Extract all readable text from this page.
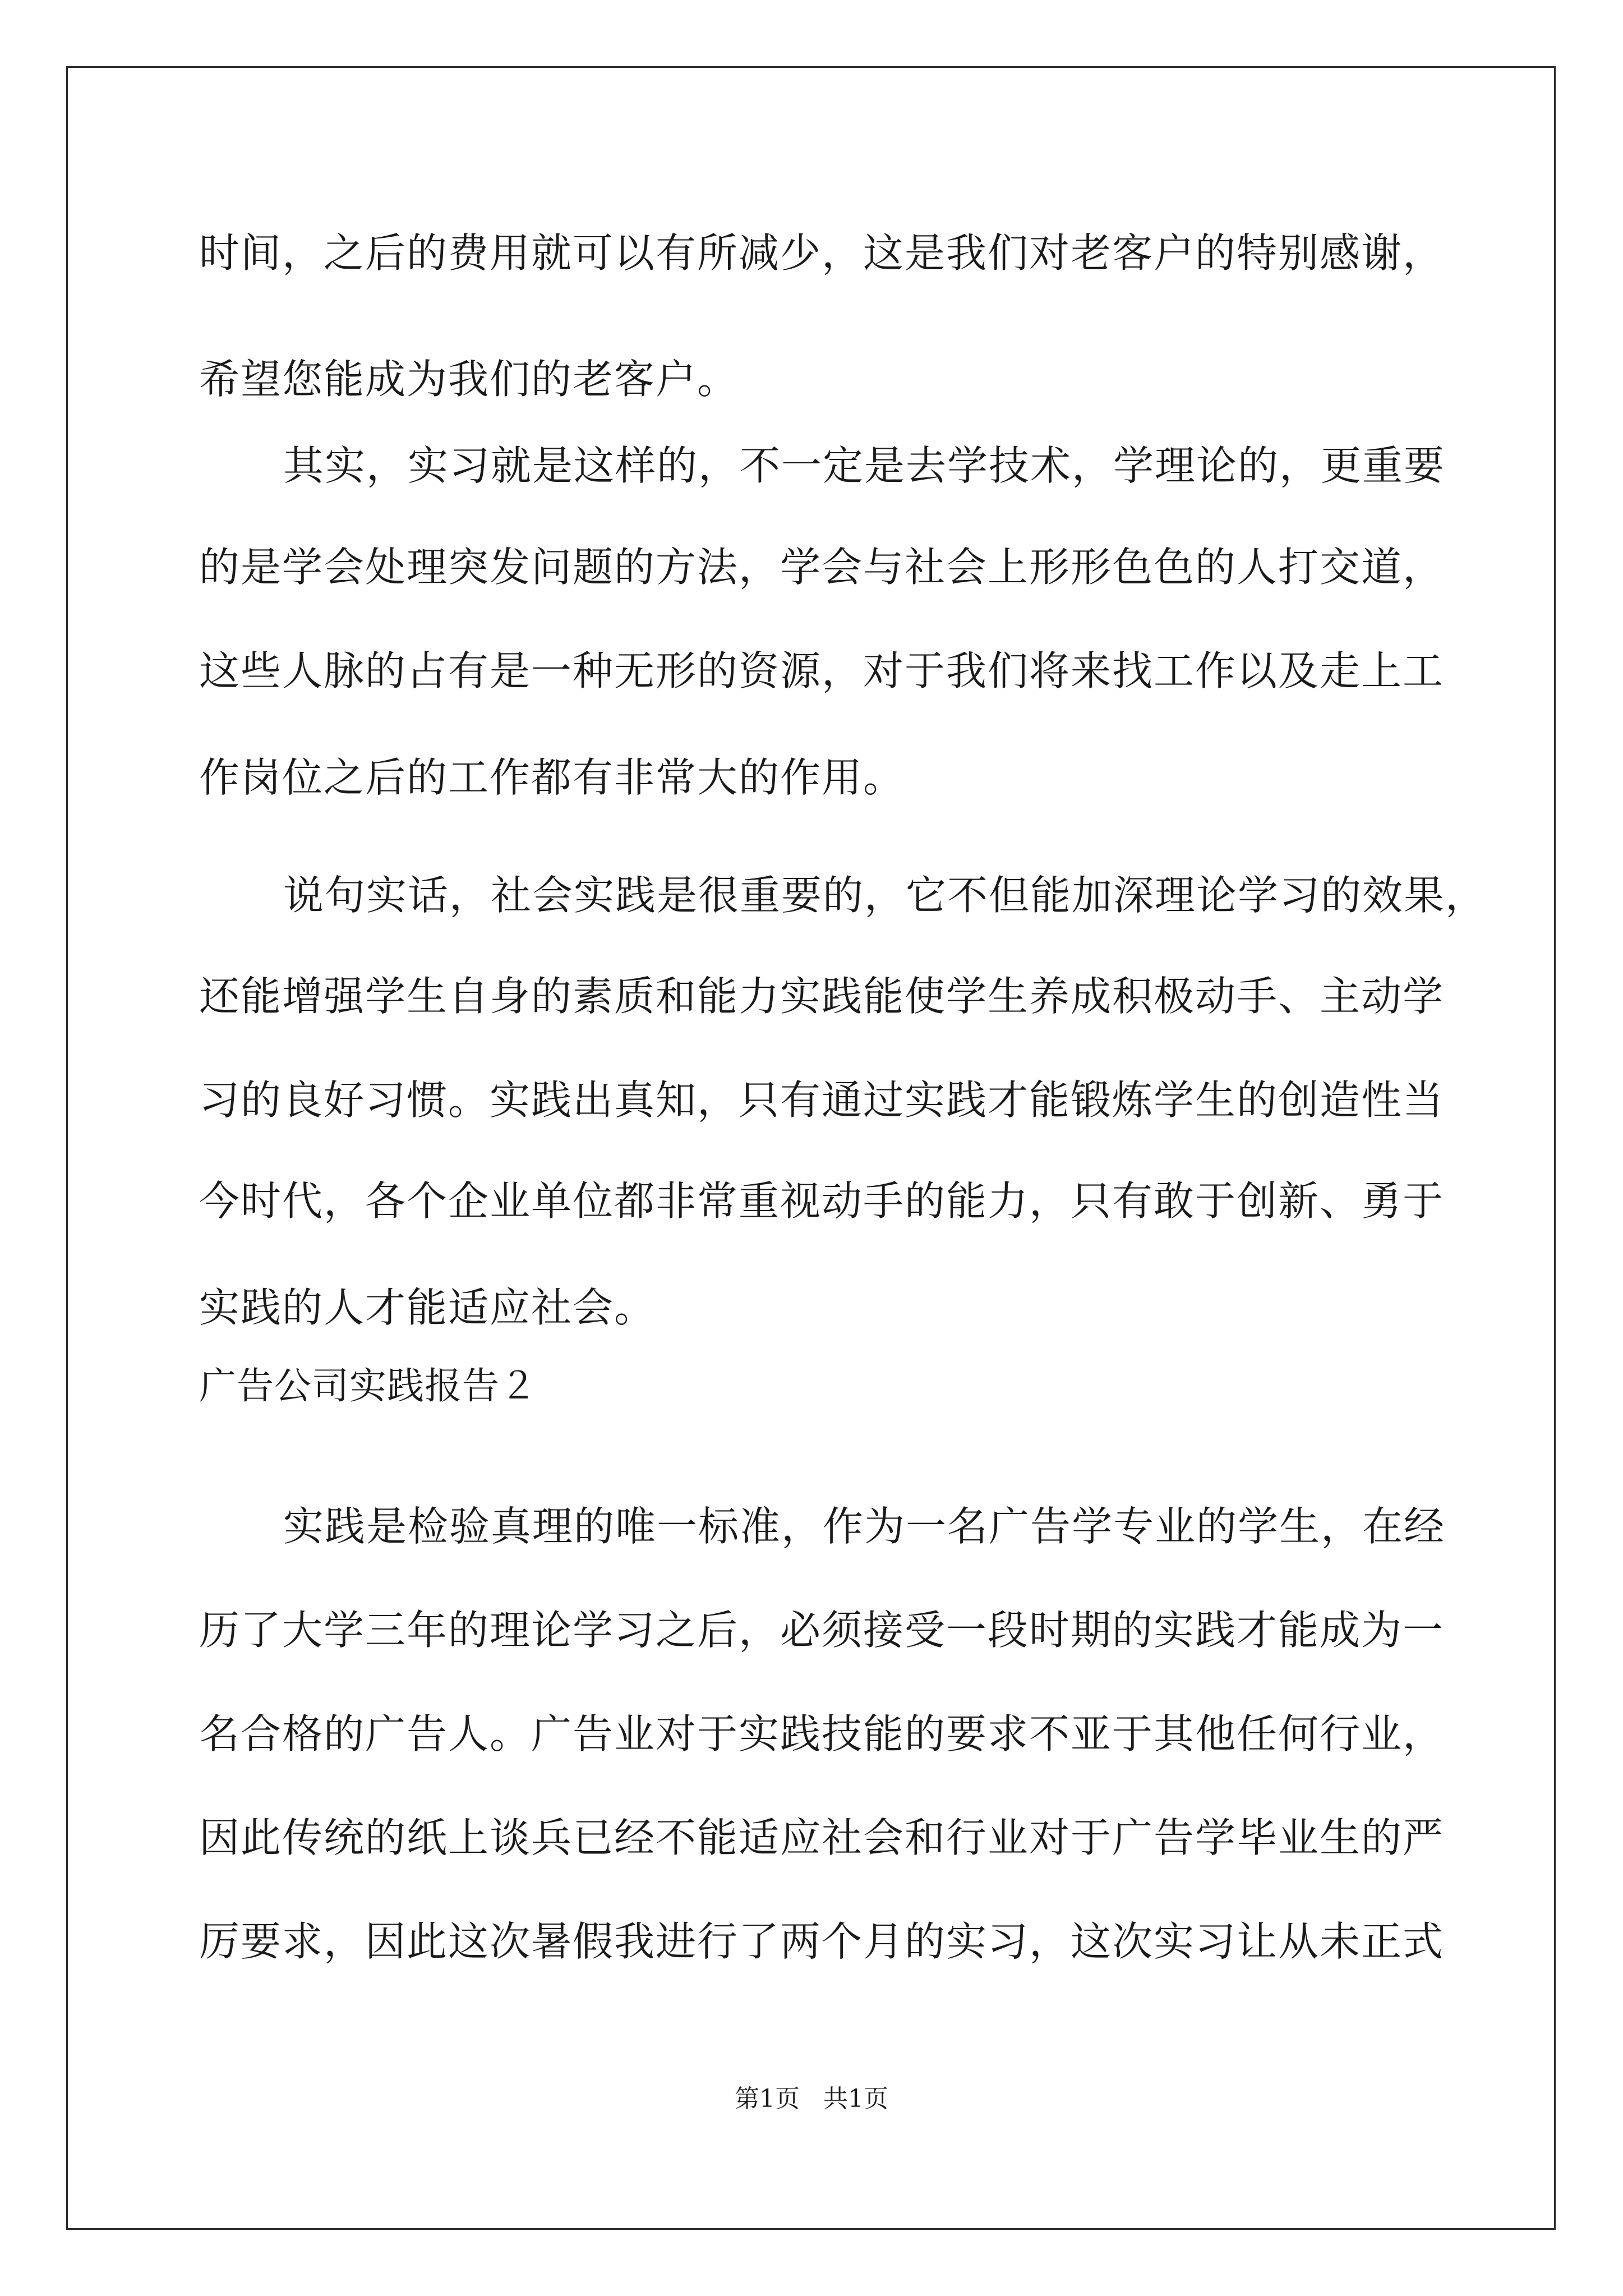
时间，之后的费用就可以有所减少，这是我们对老客户的特别感谢，
希望您能成为我们的老客户。
其实，实习就是这样的，不一定是去学技术，学理论的，更重要
的是学会处理突发问题的方法，学会与社会上形形色色的人打交道，
这些人脉的占有是一种无形的资源，对于我们将来找工作以及走上工
作岗位之后的工作都有非常大的作用。
说句实话，社会实践是很重要的，它不但能加深理论学习的效果，
还能增强学生自身的素质和能力实践能使学生养成积极动手、主动学
习的良好习惯。实践出真知，只有通过实践才能锻炼学生的创造性当
今时代，各个企业单位都非常重视动手的能力，只有敢于创新、勇于
实践的人才能适应社会。
广告公司实践报告２
实践是检验真理的唯一标准，作为一名广告学专业的学生，在经
历了大学三年的理论学习之后，必须接受一段时期的实践才能成为一
名合格的广告人。广告业对于实践技能的要求不亚于其他任何行业，
因此传统的纸上谈兵已经不能适应社会和行业对于广告学毕业生的严
厉要求，因此这次暑假我进行了两个月的实习，这次实习让从未正式
第1页   共1页
